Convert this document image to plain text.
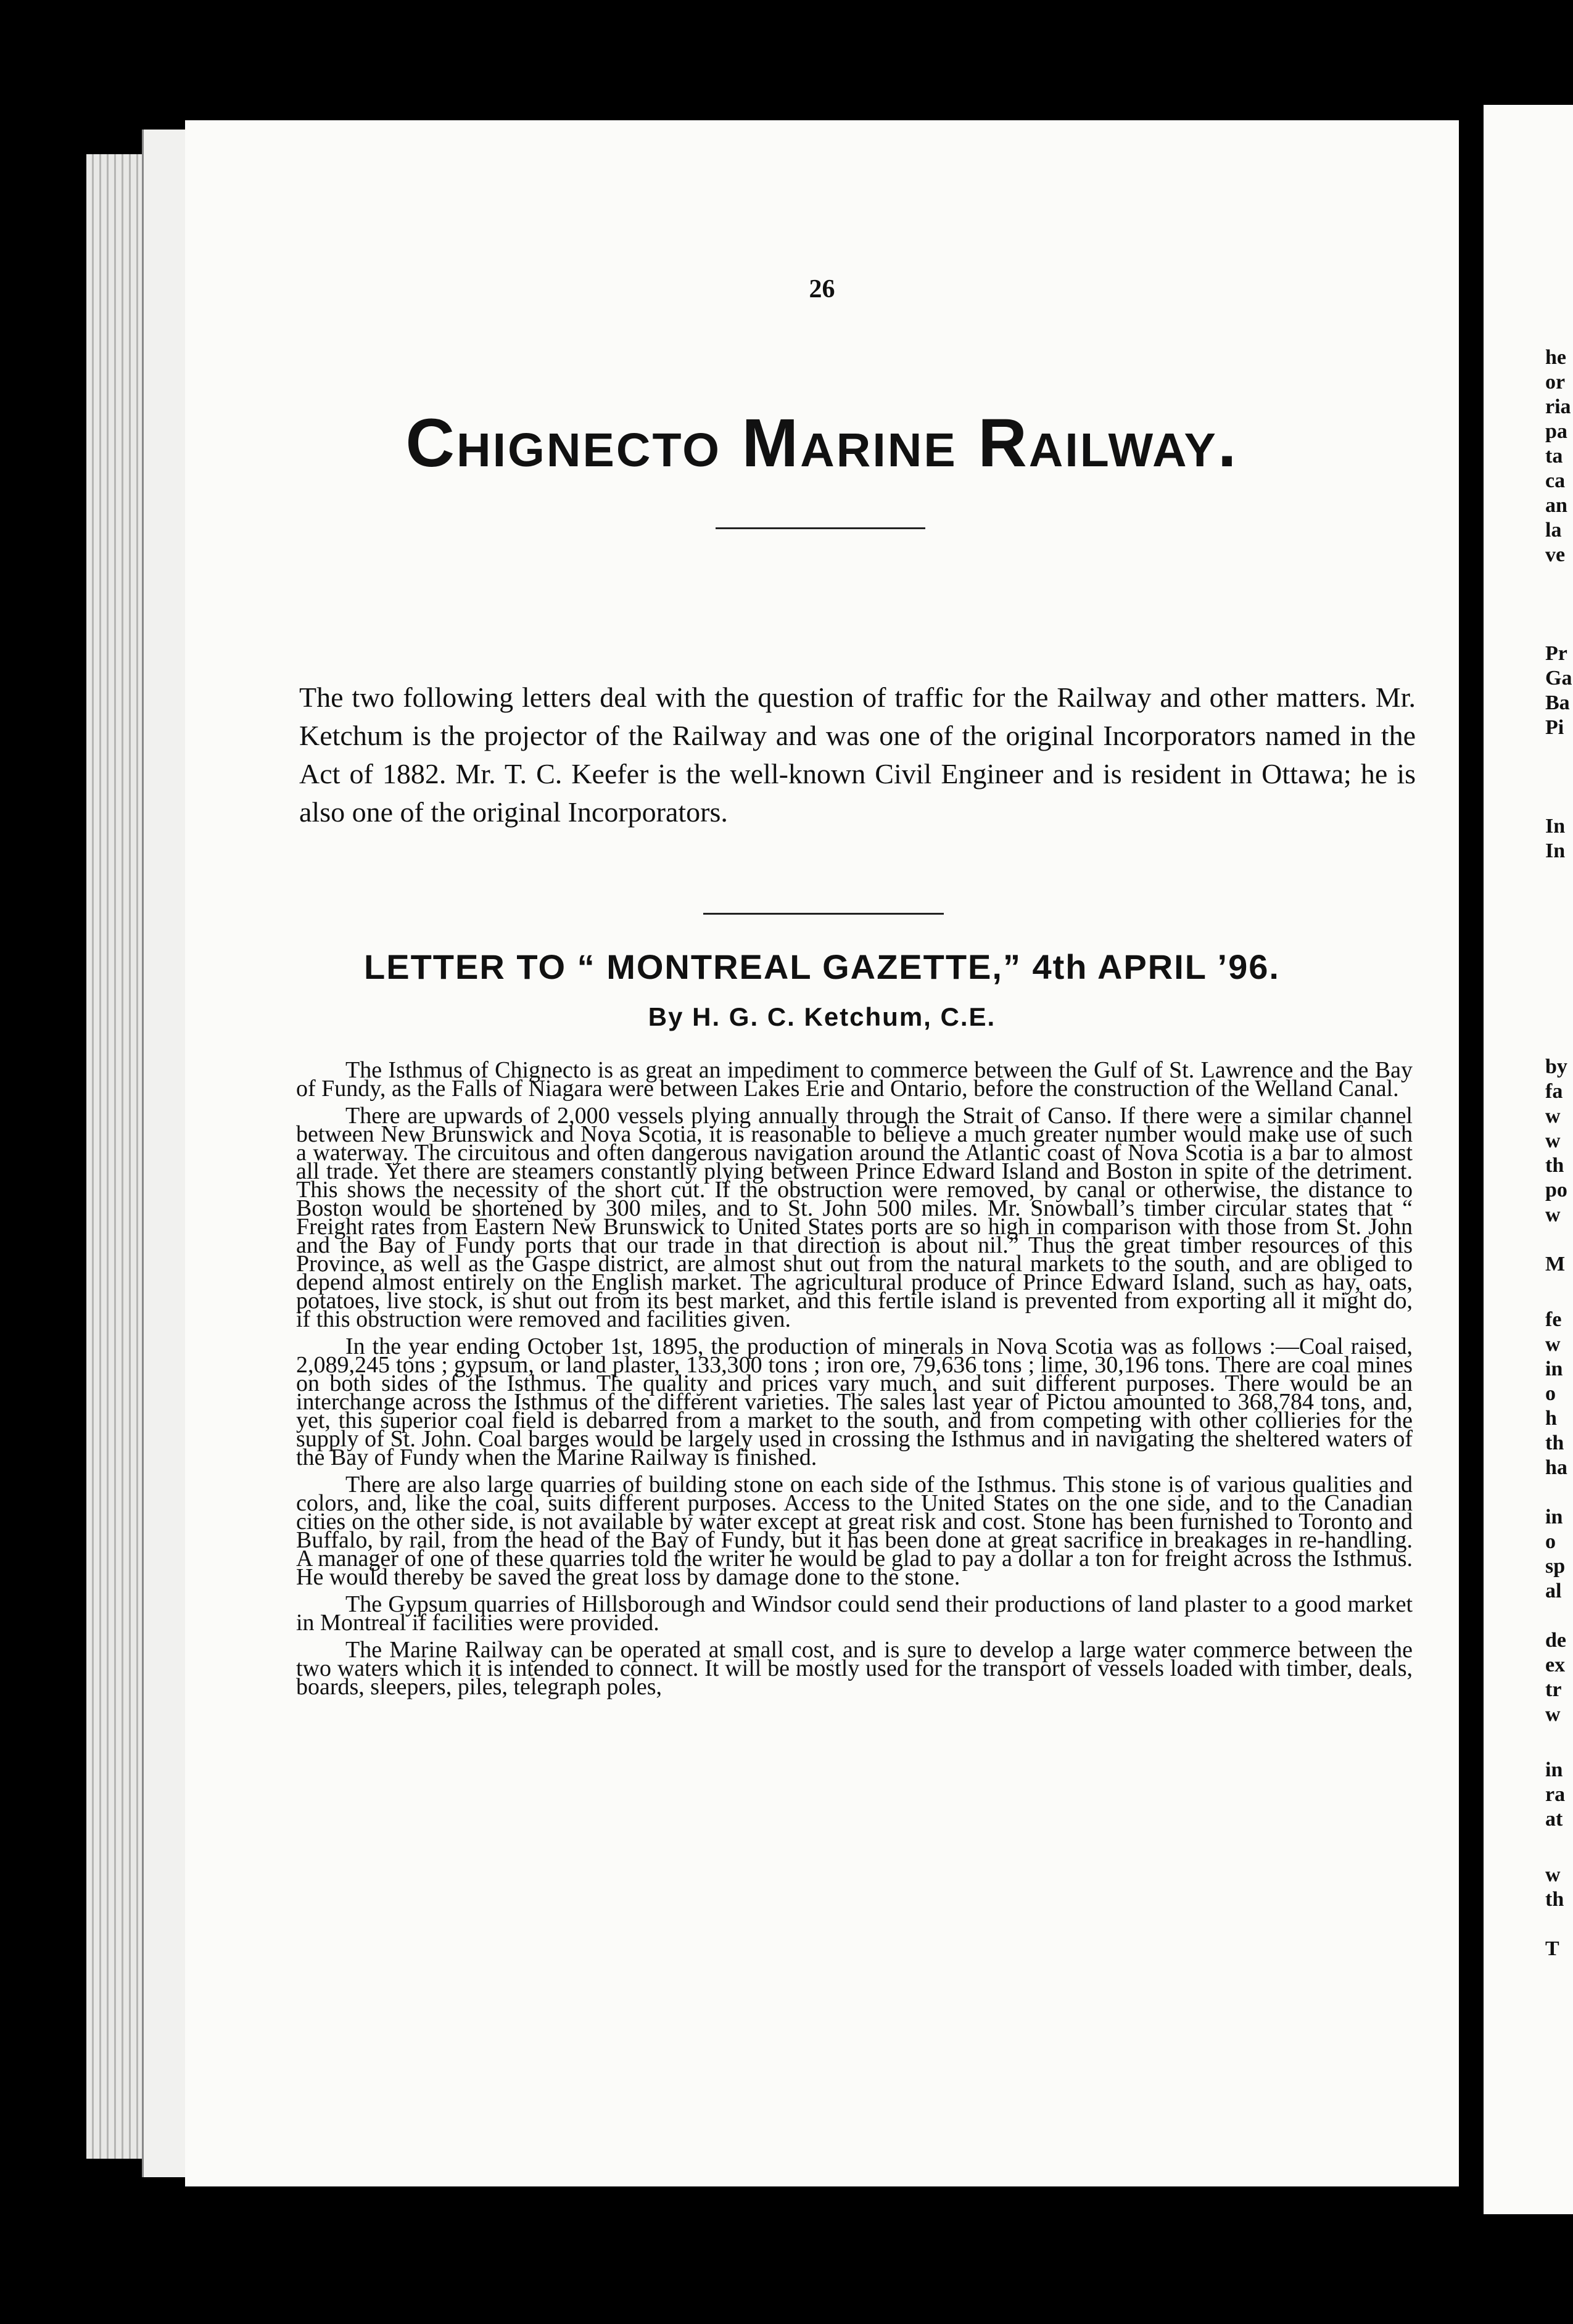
26
Chignecto Marine Railway.
The two following letters deal with the question of traffic for the Railway and other matters. Mr. Ketchum is the projector of the Railway and was one of the original Incorporators named in the Act of 1882. Mr. T. C. Keefer is the well-known Civil Engineer and is resident in Ottawa; he is also one of the original Incorporators.
LETTER TO “ MONTREAL GAZETTE,” 4th APRIL ’96.
By H. G. C. Ketchum, C.E.

The Isthmus of Chignecto is as great an impediment to commerce between the Gulf of St. Lawrence and the Bay of Fundy, as the Falls of Niagara were between Lakes Erie and Ontario, before the construction of the Welland Canal.

There are upwards of 2,000 vessels plying annually through the Strait of Canso. If there were a similar channel between New Brunswick and Nova Scotia, it is reasonable to believe a much greater number would make use of such a waterway. The circuitous and often dangerous navigation around the Atlantic coast of Nova Scotia is a bar to almost all trade. Yet there are steamers constantly plying between Prince Edward Island and Boston in spite of the detriment. This shows the necessity of the short cut. If the obstruction were removed, by canal or otherwise, the distance to Boston would be shortened by 300 miles, and to St. John 500 miles. Mr. Snowball’s timber circular states that “ Freight rates from Eastern New Brunswick to United States ports are so high in comparison with those from St. John and the Bay of Fundy ports that our trade in that direction is about nil.” Thus the great timber resources of this Province, as well as the Gaspe district, are almost shut out from the natural markets to the south, and are obliged to depend almost entirely on the English market. The agricultural produce of Prince Edward Island, such as hay, oats, potatoes, live stock, is shut out from its best market, and this fertile island is prevented from exporting all it might do, if this obstruction were removed and facilities given.

In the year ending October 1st, 1895, the production of minerals in Nova Scotia was as follows :—Coal raised, 2,089,245 tons ; gypsum, or land plaster, 133,300 tons ; iron ore, 79,636 tons ; lime, 30,196 tons. There are coal mines on both sides of the Isthmus. The quality and prices vary much, and suit different purposes. There would be an interchange across the Isthmus of the different varieties. The sales last year of Pictou amounted to 368,784 tons, and, yet, this superior coal field is debarred from a market to the south, and from competing with other collieries for the supply of St. John. Coal barges would be largely used in crossing the Isthmus and in navigating the sheltered waters of the Bay of Fundy when the Marine Railway is finished.

There are also large quarries of building stone on each side of the Isthmus. This stone is of various qualities and colors, and, like the coal, suits different purposes. Access to the United States on the one side, and to the Canadian cities on the other side, is not available by water except at great risk and cost. Stone has been furnished to Toronto and Buffalo, by rail, from the head of the Bay of Fundy, but it has been done at great sacrifice in breakages in re-handling. A manager of one of these quarries told the writer he would be glad to pay a dollar a ton for freight across the Isthmus. He would thereby be saved the great loss by damage done to the stone.

The Gypsum quarries of Hillsborough and Windsor could send their productions of land plaster to a good market in Montreal if facilities were provided.

The Marine Railway can be operated at small cost, and is sure to develop a large water commerce between the two waters which it is intended to connect. It will be mostly used for the transport of vessels loaded with timber, deals, boards, sleepers, piles, telegraph poles,

he
or
ria
pa
ta
ca
an
la
ve
Pr
Ga
Ba
Pi
In
In
by
fa
w
w
th
po
w
M
fe
w
in
o
h
th
ha
in
o
sp
al
de
ex
tr
w
in
ra
at
w
th
T
